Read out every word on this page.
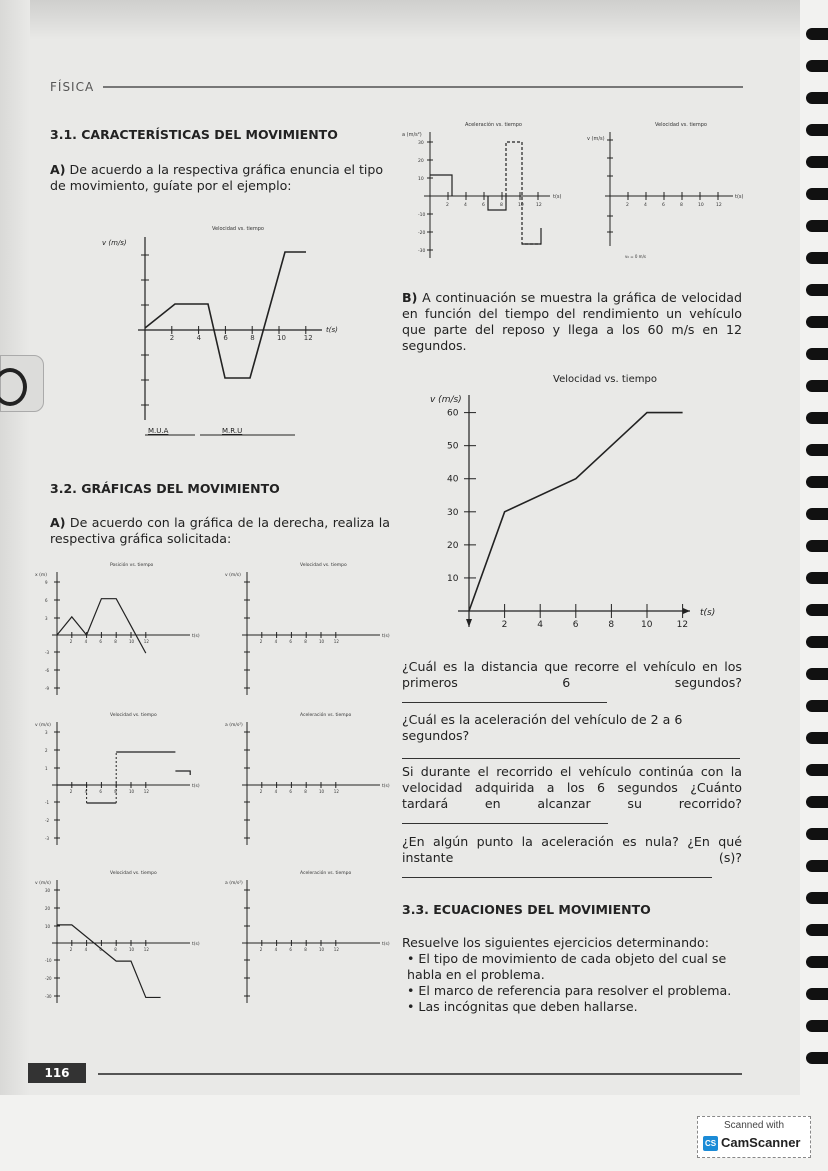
FÍSICA
3.1. CARACTERÍSTICAS DEL MOVIMIENTO
A) De acuerdo a la respectiva gráfica enuncia el tipo de movimiento, guíate por el ejemplo:
Velocidad vs. tiempo
v (m/s)
2	4	6	8	10	12
t(s)
M.U.A	M.R.U
Aceleración vs. tiempo
a (m/s²)
30
20
10
-10
-20
-30
2	4	6	8	10	12
t(s)
Velocidad vs. tiempo
v (m/s)
2	4	6	8	10	12
t(s)
v₀ = 0 m/s
B) A continuación se muestra la gráfica de velocidad en función del tiempo del rendimiento un vehículo que parte del reposo y llega a los 60 m/s en 12 segundos.
Velocidad vs. tiempo
v (m/s)
t(s)
10
20
30
40
50
60
2	4	6	8	10	12
3.2. GRÁFICAS DEL MOVIMIENTO
A) De acuerdo con la gráfica de la derecha, realiza la respectiva gráfica solicitada:
Posición vs. tiempo
x (m)
t(s)
2	4	6	8	10 12
9
6
3
-3
-6
-9
Velocidad vs. tiempo
v (m/s)
t(s)
2	4	6	8	10 12
Velocidad vs. tiempo
v (m/s)
t(s)
2	4	6	8	10 12
3
2
1
-1
-2
-3
Aceleración vs. tiempo
a (m/s²)
t(s)
2	4	6	8	10 12
Velocidad vs. tiempo
v (m/s)
t(s)
2	4	6	8	10 12
30
20
10
-10
-20
-30
Aceleración vs. tiempo
a (m/s²)
t(s)
2	4	6	8	10 12
¿Cuál es la distancia que recorre el vehículo en los primeros 6 segundos?
¿Cuál es la aceleración del vehículo de 2 a 6 segundos?
Si durante el recorrido el vehículo continúa con la velocidad adquirida a los 6 segundos ¿Cuánto tardará en alcanzar su recorrido?
¿En algún punto la aceleración es nula? ¿En qué instante (s)?
3.3. ECUACIONES DEL MOVIMIENTO
Resuelve los siguientes ejercicios determinando:
• El tipo de movimiento de cada objeto del cual se habla en el problema.
• El marco de referencia para resolver el problema.
• Las incógnitas que deben hallarse.
116
Scanned with
CS CamScanner
